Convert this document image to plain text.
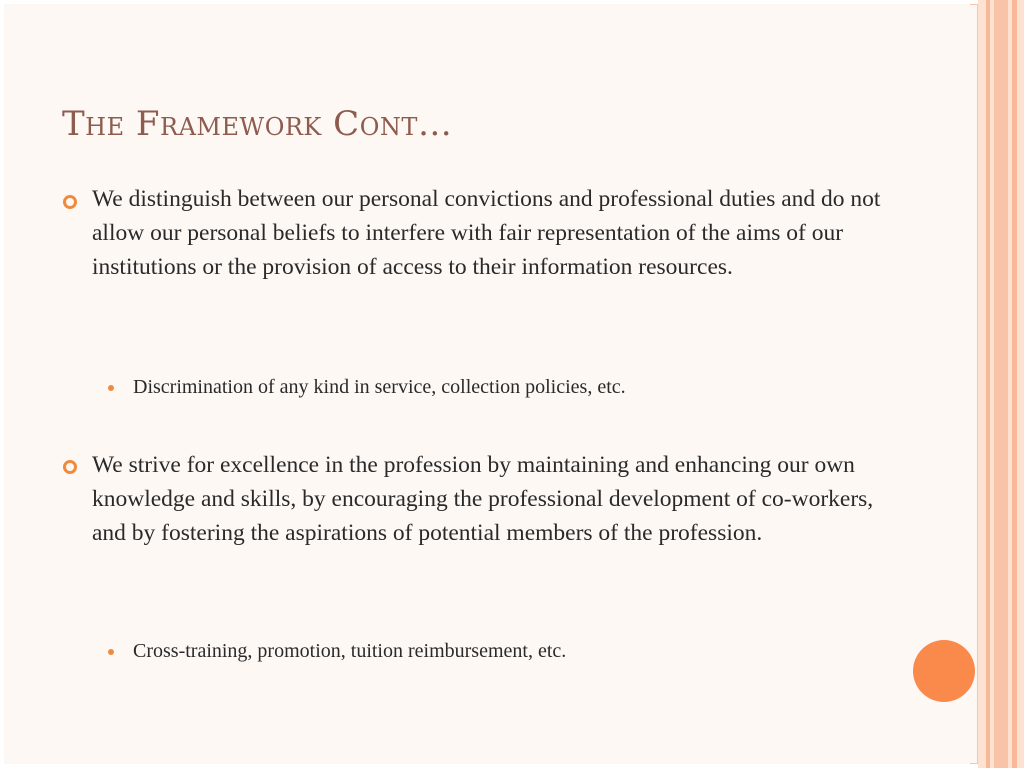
The Framework Cont…
We distinguish between our personal convictions and professional duties and do not allow our personal beliefs to interfere with fair representation of the aims of our institutions or the provision of access to their information resources.
Discrimination of any kind in service, collection policies, etc.
We strive for excellence in the profession by maintaining and enhancing our own knowledge and skills, by encouraging the professional development of co-workers, and by fostering the aspirations of potential members of the profession.
Cross-training, promotion, tuition reimbursement, etc.
